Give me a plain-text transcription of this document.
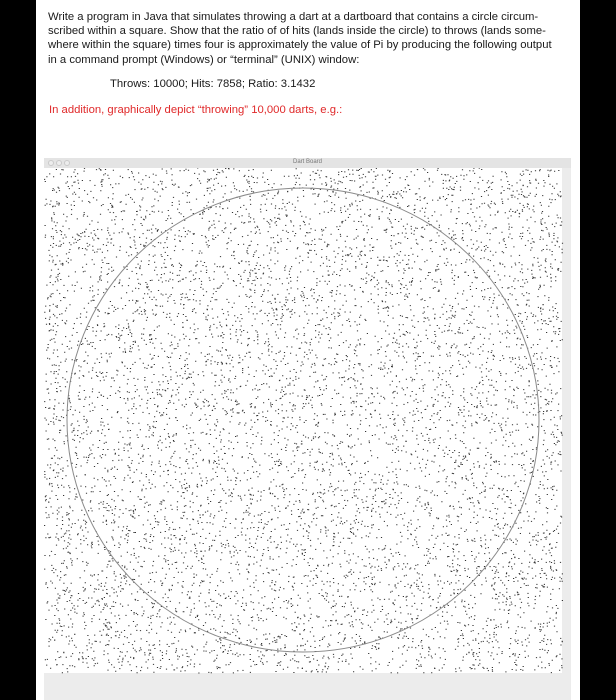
Write a program in Java that simulates throwing a dart at a dartboard that contains a circle circum-

scribed within a square. Show that the ratio of of hits (lands inside the circle) to throws (lands some-

where within the square) times four is approximately the value of Pi by producing the following output

in a command prompt (Windows) or “terminal” (UNIX) window:

Throws: 10000; Hits: 7858; Ratio: 3.1432
In addition, graphically depict “throwing” 10,000 darts, e.g.:
Dart Board
